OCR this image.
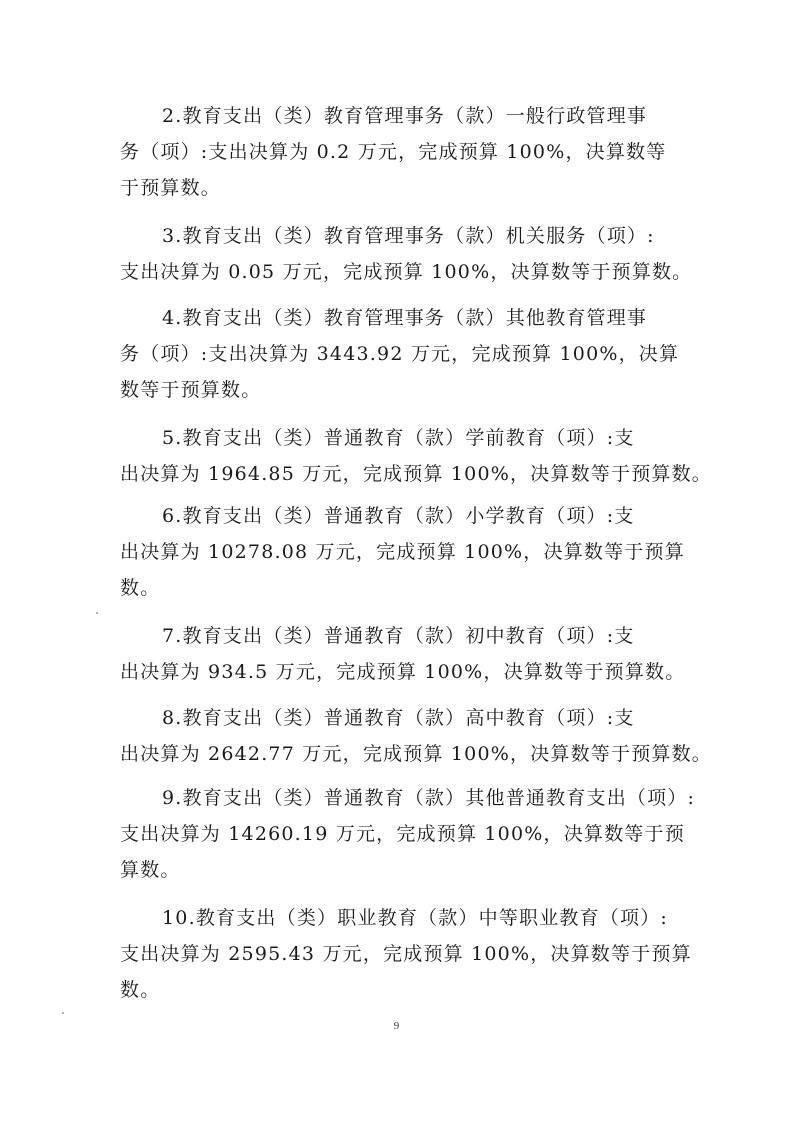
2.教育支出（类）教育管理事务（款）一般行政管理事
务（项）:支出决算为 0.2 万元，完成预算 100%，决算数等
于预算数。
3.教育支出（类）教育管理事务（款）机关服务（项）:
支出决算为 0.05 万元，完成预算 100%，决算数等于预算数。
4.教育支出（类）教育管理事务（款）其他教育管理事
务（项）:支出决算为 3443.92 万元，完成预算 100%，决算
数等于预算数。
5.教育支出（类）普通教育（款）学前教育（项）:支
出决算为 1964.85 万元，完成预算 100%，决算数等于预算数。
6.教育支出（类）普通教育（款）小学教育（项）:支
出决算为 10278.08 万元，完成预算 100%，决算数等于预算
数。
7.教育支出（类）普通教育（款）初中教育（项）:支
出决算为 934.5 万元，完成预算 100%，决算数等于预算数。
8.教育支出（类）普通教育（款）高中教育（项）:支
出决算为 2642.77 万元，完成预算 100%，决算数等于预算数。
9.教育支出（类）普通教育（款）其他普通教育支出（项）:
支出决算为 14260.19 万元，完成预算 100%，决算数等于预
算数。
10.教育支出（类）职业教育（款）中等职业教育（项）:
支出决算为 2595.43 万元，完成预算 100%，决算数等于预算
数。
9
